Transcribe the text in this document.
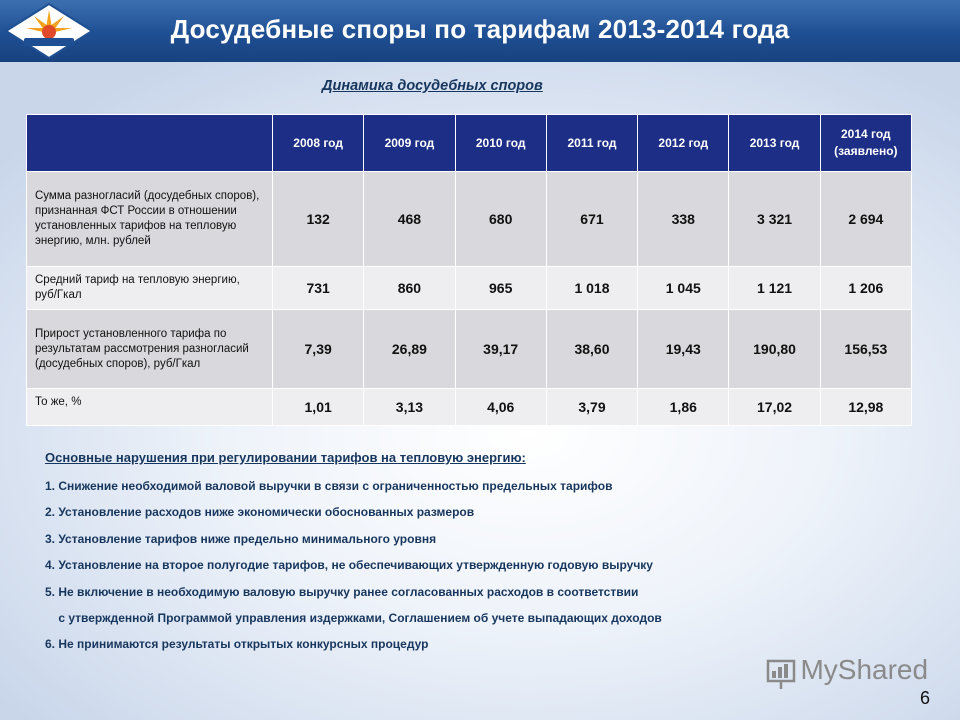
Досудебные споры по тарифам 2013-2014 года
Динамика досудебных споров
	2008 год	2009 год	2010 год	2011 год	2012 год	2013 год	2014 год (заявлено)
Сумма разногласий (досудебных споров), признанная ФСТ России в отношении установленных тарифов на тепловую энергию, млн. рублей	132	468	680	671	338	3 321	2 694
Средний тариф на тепловую энергию, руб/Гкал	731	860	965	1 018	1 045	1 121	1 206
Прирост установленного тарифа по результатам рассмотрения разногласий (досудебных споров), руб/Гкал	7,39	26,89	39,17	38,60	19,43	190,80	156,53
То же, %	1,01	3,13	4,06	3,79	1,86	17,02	12,98
Основные нарушения при регулировании тарифов на тепловую энергию:
1. Снижение необходимой валовой выручки в связи с ограниченностью предельных тарифов
2. Установление расходов ниже экономически обоснованных размеров
3. Установление тарифов ниже предельно минимального уровня
4. Установление на второе полугодие тарифов, не обеспечивающих утвержденную годовую выручку
5. Не включение в необходимую валовую выручку ранее согласованных расходов в соответствии
с утвержденной Программой управления издержками, Соглашением об учете выпадающих доходов
6. Не принимаются результаты открытых конкурсных процедур
MyShared
6
